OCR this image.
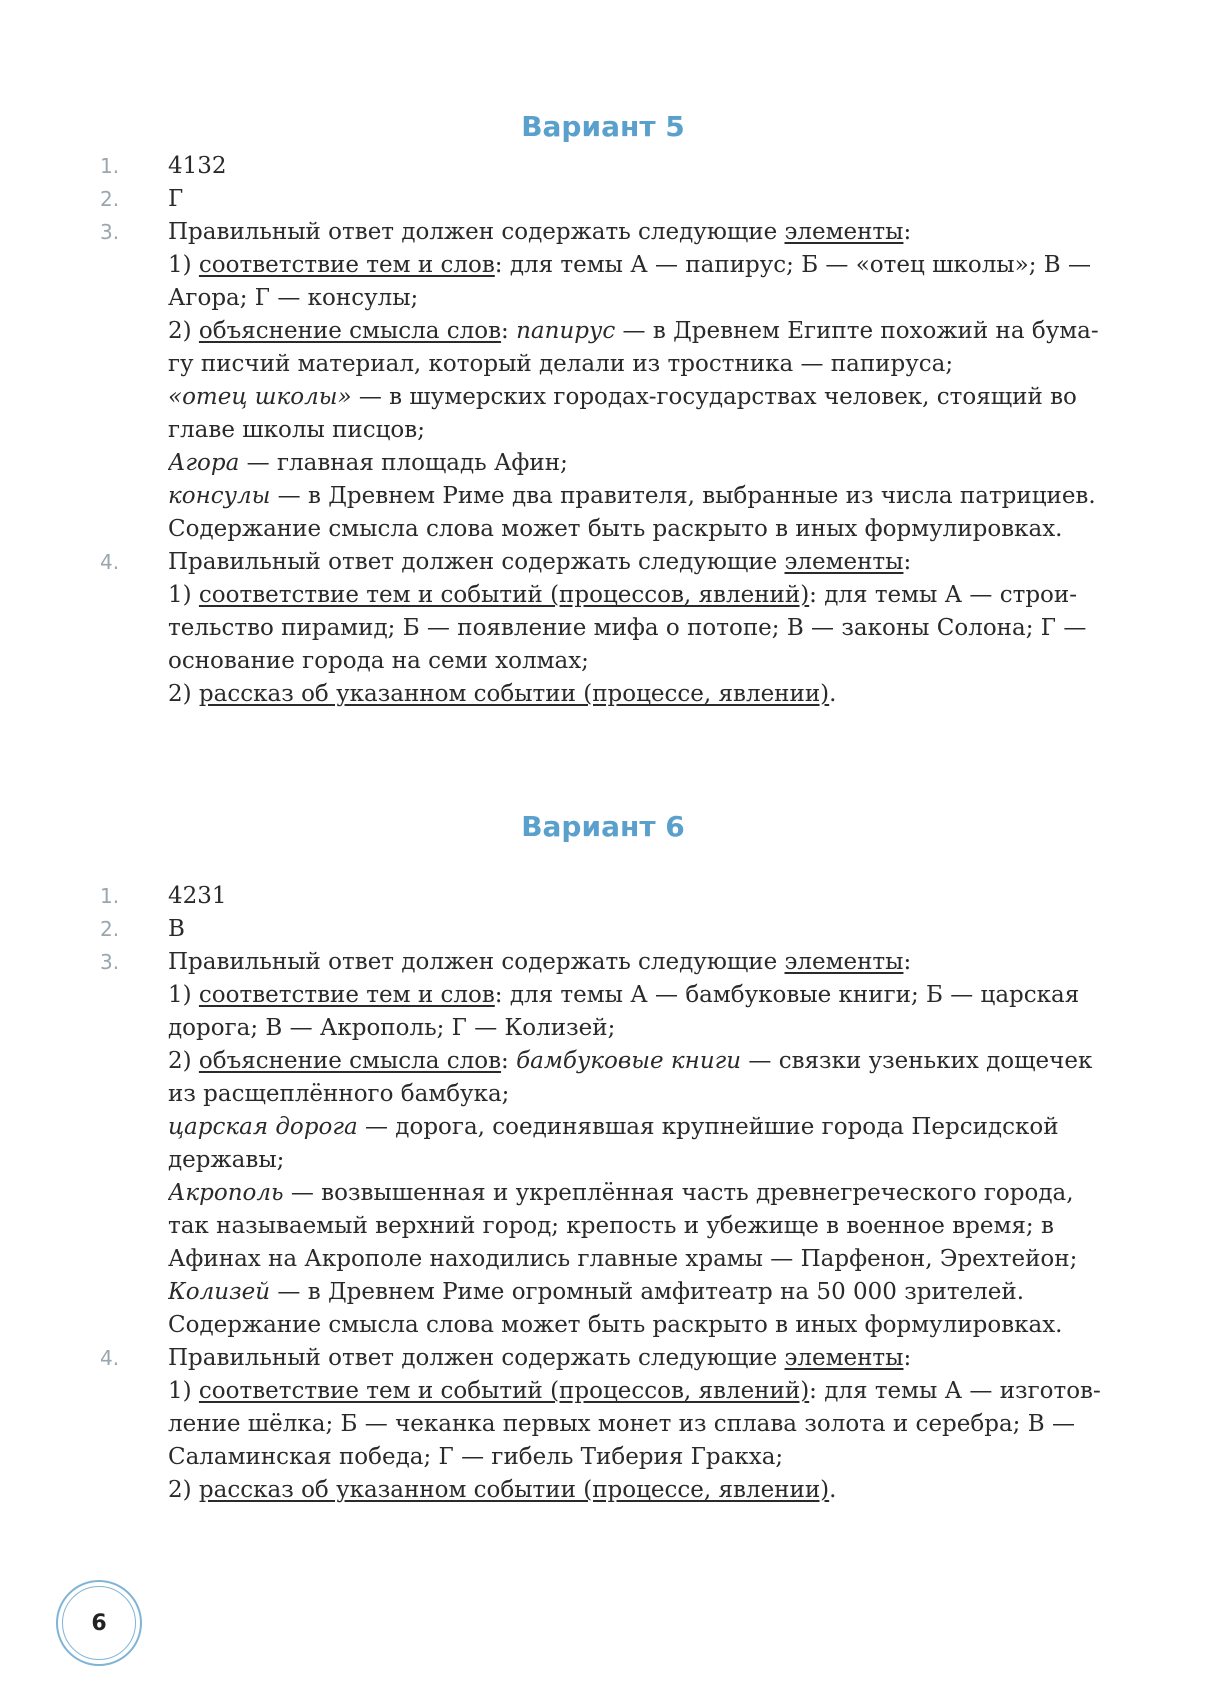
Вариант 5
1.	4132

2.	Г

3.	Правильный ответ должен содержать следующие элементы:

1) соответствие тем и слов: для темы А — папирус; Б — «отец школы»; В —

Агора; Г — консулы;

2) объяснение смысла слов: папирус — в Древнем Египте похожий на бума-

гу писчий материал, который делали из тростника — папируса;

«отец школы» — в шумерских городах-государствах человек, стоящий во

главе школы писцов;

Агора — главная площадь Афин;

консулы — в Древнем Риме два правителя, выбранные из числа патрициев.

Содержание смысла слова может быть раскрыто в иных формулировках.

4.	Правильный ответ должен содержать следующие элементы:

1) соответствие тем и событий (процессов, явлений): для темы А — строи-

тельство пирамид; Б — появление мифа о потопе; В — законы Солона; Г —

основание города на семи холмах;

2) рассказ об указанном событии (процессе, явлении).

Вариант 6
1.	4231

2.	В

3.	Правильный ответ должен содержать следующие элементы:

1) соответствие тем и слов: для темы А — бамбуковые книги; Б — царская

дорога; В — Акрополь; Г — Колизей;

2) объяснение смысла слов: бамбуковые книги — связки узеньких дощечек

из расщеплённого бамбука;

царская дорога — дорога, соединявшая крупнейшие города Персидской

державы;

Акрополь — возвышенная и укреплённая часть древнегреческого города,

так называемый верхний город; крепость и убежище в военное время; в

Афинах на Акрополе находились главные храмы — Парфенон, Эрехтейон;

Колизей — в Древнем Риме огромный амфитеатр на 50 000 зрителей.

Содержание смысла слова может быть раскрыто в иных формулировках.

4.	Правильный ответ должен содержать следующие элементы:

1) соответствие тем и событий (процессов, явлений): для темы А — изготов-

ление шёлка; Б — чеканка первых монет из сплава золота и серебра; В —

Саламинская победа; Г — гибель Тиберия Гракха;

2) рассказ об указанном событии (процессе, явлении).

6
